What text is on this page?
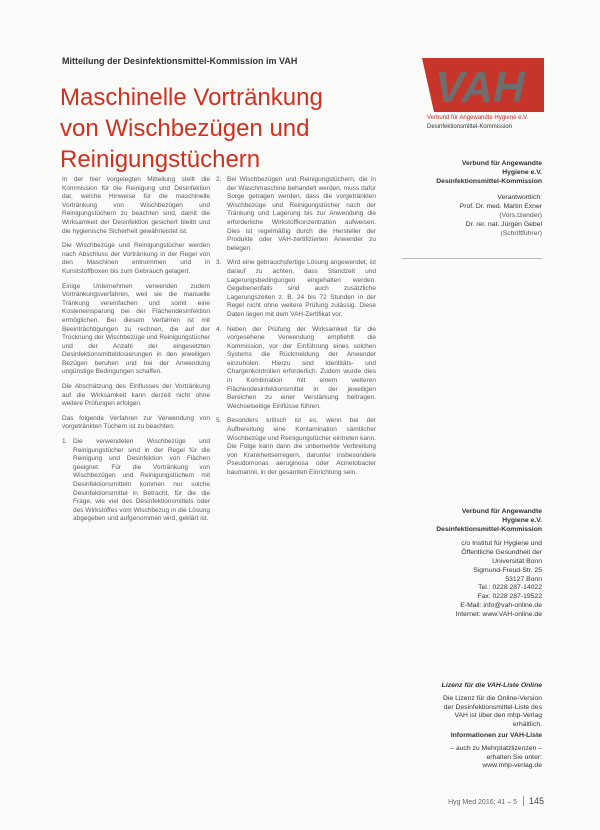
Mitteilung der Desinfektionsmittel-Kommission im VAH
Maschinelle Vortränkung
von Wischbezügen und
Reinigungstüchern
VAH
Verbund für Angewandte Hygiene e.V.
Desinfektionsmittel-Kommission

In der hier vorgelegten Mitteilung stellt die Kommission für die Reinigung und Desinfektion dar, welche Hinweise für die maschinelle Vortränkung von Wischbezügen und Reinigungstüchern zu beachten sind, damit die Wirksamkeit der Desinfektion gesichert bleibt und die hygienische Sicherheit gewährleistet ist.

Die Wischbezüge und Reinigungstücher werden nach Abschluss der Vortränkung in der Regel von den Maschinen entnommen und in Kunststoffboxen bis zum Gebrauch gelagert.

Einige Unternehmen verwenden zudem Vortränkungsverfahren, weil sie die manuelle Tränkung vereinfachen und somit eine Kosteneinsparung bei der Flächendesinfektion ermöglichen. Bei diesem Verfahren ist mit Beeinträchtigungen zu rechnen, die auf der Trocknung der Wischbezüge und Reinigungstücher und der Anzahl der eingesetzten Desinfektionsmitteldosierungen in den jeweiligen Bezügen beruhen und bei der Anwendung ungünstige Bedingungen schaffen.

Die Abschätzung des Einflusses der Vortränkung auf die Wirksamkeit kann derzeit nicht ohne weitere Prüfungen erfolgen.

Das folgende Verfahren zur Verwendung von vorgetränkten Tüchern ist zu beachten:

1. Die verwendeten Wischbezüge und Reinigungstücher sind in der Regel für die Reinigung und Desinfektion von Flächen geeignet. Für die Vortränkung von Wischbezügen und Reinigungstüchern mit Desinfektionsmitteln kommen nur solche Desinfektionsmittel in Betracht, für die die Frage, wie viel des Desinfektionsmittels oder des Wirkstoffes vom Wischbezug in die Lösung abgegeben und aufgenommen wird, geklärt ist.
2. Bei Wischbezügen und Reinigungstüchern, die in der Waschmaschine behandelt werden, muss dafür Sorge getragen werden, dass die vorgetränkten Wischbezüge und Reinigungstücher nach der Tränkung und Lagerung bis zur Anwendung die erforderliche Wirkstoffkonzentration aufweisen. Dies ist regelmäßig durch die Hersteller der Produkte oder VAH-zertifizierten Anwender zu belegen.
3. Wird eine gebrauchsfertige Lösung angewendet, ist darauf zu achten, dass Standzeit und Lagerungsbedingungen eingehalten werden. Gegebenenfalls sind auch zusätzliche Lagerungszeiten z. B. 24 bis 72 Stunden in der Regel nicht ohne weitere Prüfung zulässig. Diese Daten liegen mit dem VAH-Zertifikat vor.
4. Neben der Prüfung der Wirksamkeit für die vorgesehene Verwendung empfiehlt die Kommission, vor der Einführung eines solchen Systems die Rückmeldung der Anwender einzuholen. Hierzu sind Identitäts- und Chargenkontrollen erforderlich. Zudem wurde dies in Kombination mit einem weiteren Flächendesinfektionsmittel in der jeweiligen Bereichen zu einer Verstärkung beitragen. Wechselseitige Einflüsse führen.
5. Besonders kritisch ist es, wenn bei der Aufbereitung eine Kontamination sämtlicher Wischbezüge und Reinigungstücher eintreten kann. Die Folge kann dann die unbemerkte Verbreitung von Krankheitserregern, darunter insbesondere Pseudomonas aeruginosa oder Acinetobacter baumannii, in der gesamten Einrichtung sein.
Verbund für Angewandte
Hygiene e.V.
Desinfektionsmittel-Kommission
Verantwortlich:
Prof. Dr. med. Martin Exner
(Vors.tzender)
Dr. rer. nat. Jürgen Gebel
(Schriftführer)
Verbund für Angewandte
Hygiene e.V.
Desinfektionsmittel-Kommission
c/o Institut für Hygiene und
Öffentliche Gesundheit der
Universität Bonn
Sigmund-Freud-Str. 25
53127 Bonn
Tel.: 0228 287-14022
Fax: 0228 287-19522
E-Mail: info@vah-online.de
Internet: www.VAH-online.de
Lizenz für die VAH-Liste Online
Die Lizenz für die Online-Version
der Desinfektionsmittel-Liste des
VAH ist über den mhp-Verlag
erhältlich.
Informationen zur VAH-Liste
– auch zu Mehrplatzlizenzen –
erhalten Sie unter:
www.mhp-verlag.de
Hyg Med 2016; 41 – 5 145
